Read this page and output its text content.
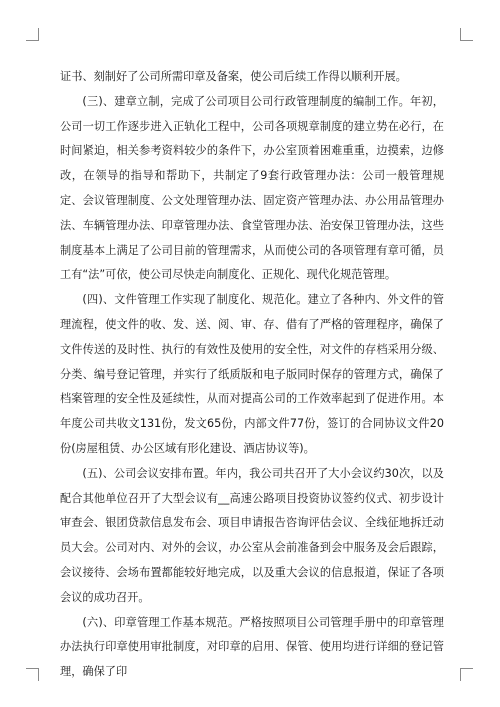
证书、刻制好了公司所需印章及备案，使公司后续工作得以顺利开展。

(三)、建章立制，完成了公司项目公司行政管理制度的编制工作。年初，公司一切工作逐步进入正轨化工程中，公司各项规章制度的建立势在必行，在时间紧迫，相关参考资料较少的条件下，办公室顶着困难重重，边摸索，边修改，在领导的指导和帮助下，共制定了9套行政管理办法：公司一般管理规定、会议管理制度、公文处理管理办法、固定资产管理办法、办公用品管理办法、车辆管理办法、印章管理办法、食堂管理办法、治安保卫管理办法，这些制度基本上满足了公司目前的管理需求，从而使公司的各项管理有章可循，员工有“法”可依，使公司尽快走向制度化、正规化、现代化规范管理。

(四)、文件管理工作实现了制度化、规范化。建立了各种内、外文件的管理流程，使文件的收、发、送、阅、审、存、借有了严格的管理程序，确保了文件传送的及时性、执行的有效性及使用的安全性，对文件的存档采用分级、分类、编号登记管理，并实行了纸质版和电子版同时保存的管理方式，确保了档案管理的安全性及延续性，从而对提高公司的工作效率起到了促进作用。本年度公司共收文131份，发文65份，内部文件77份，签订的合同协议文件20份(房屋租赁、办公区域有形化建设、酒店协议等)。

(五)、公司会议安排布置。年内，我公司共召开了大小会议约30次，以及配合其他单位召开了大型会议有__高速公路项目投资协议签约仪式、初步设计审查会、银团贷款信息发布会、项目申请报告咨询评估会议、全线征地拆迁动员大会。公司对内、对外的会议，办公室从会前准备到会中服务及会后跟踪，会议接待、会场布置都能较好地完成，以及重大会议的信息报道，保证了各项会议的成功召开。

(六)、印章管理工作基本规范。严格按照项目公司管理手册中的印章管理办法执行印章使用审批制度，对印章的启用、保管、使用均进行详细的登记管理，确保了印
